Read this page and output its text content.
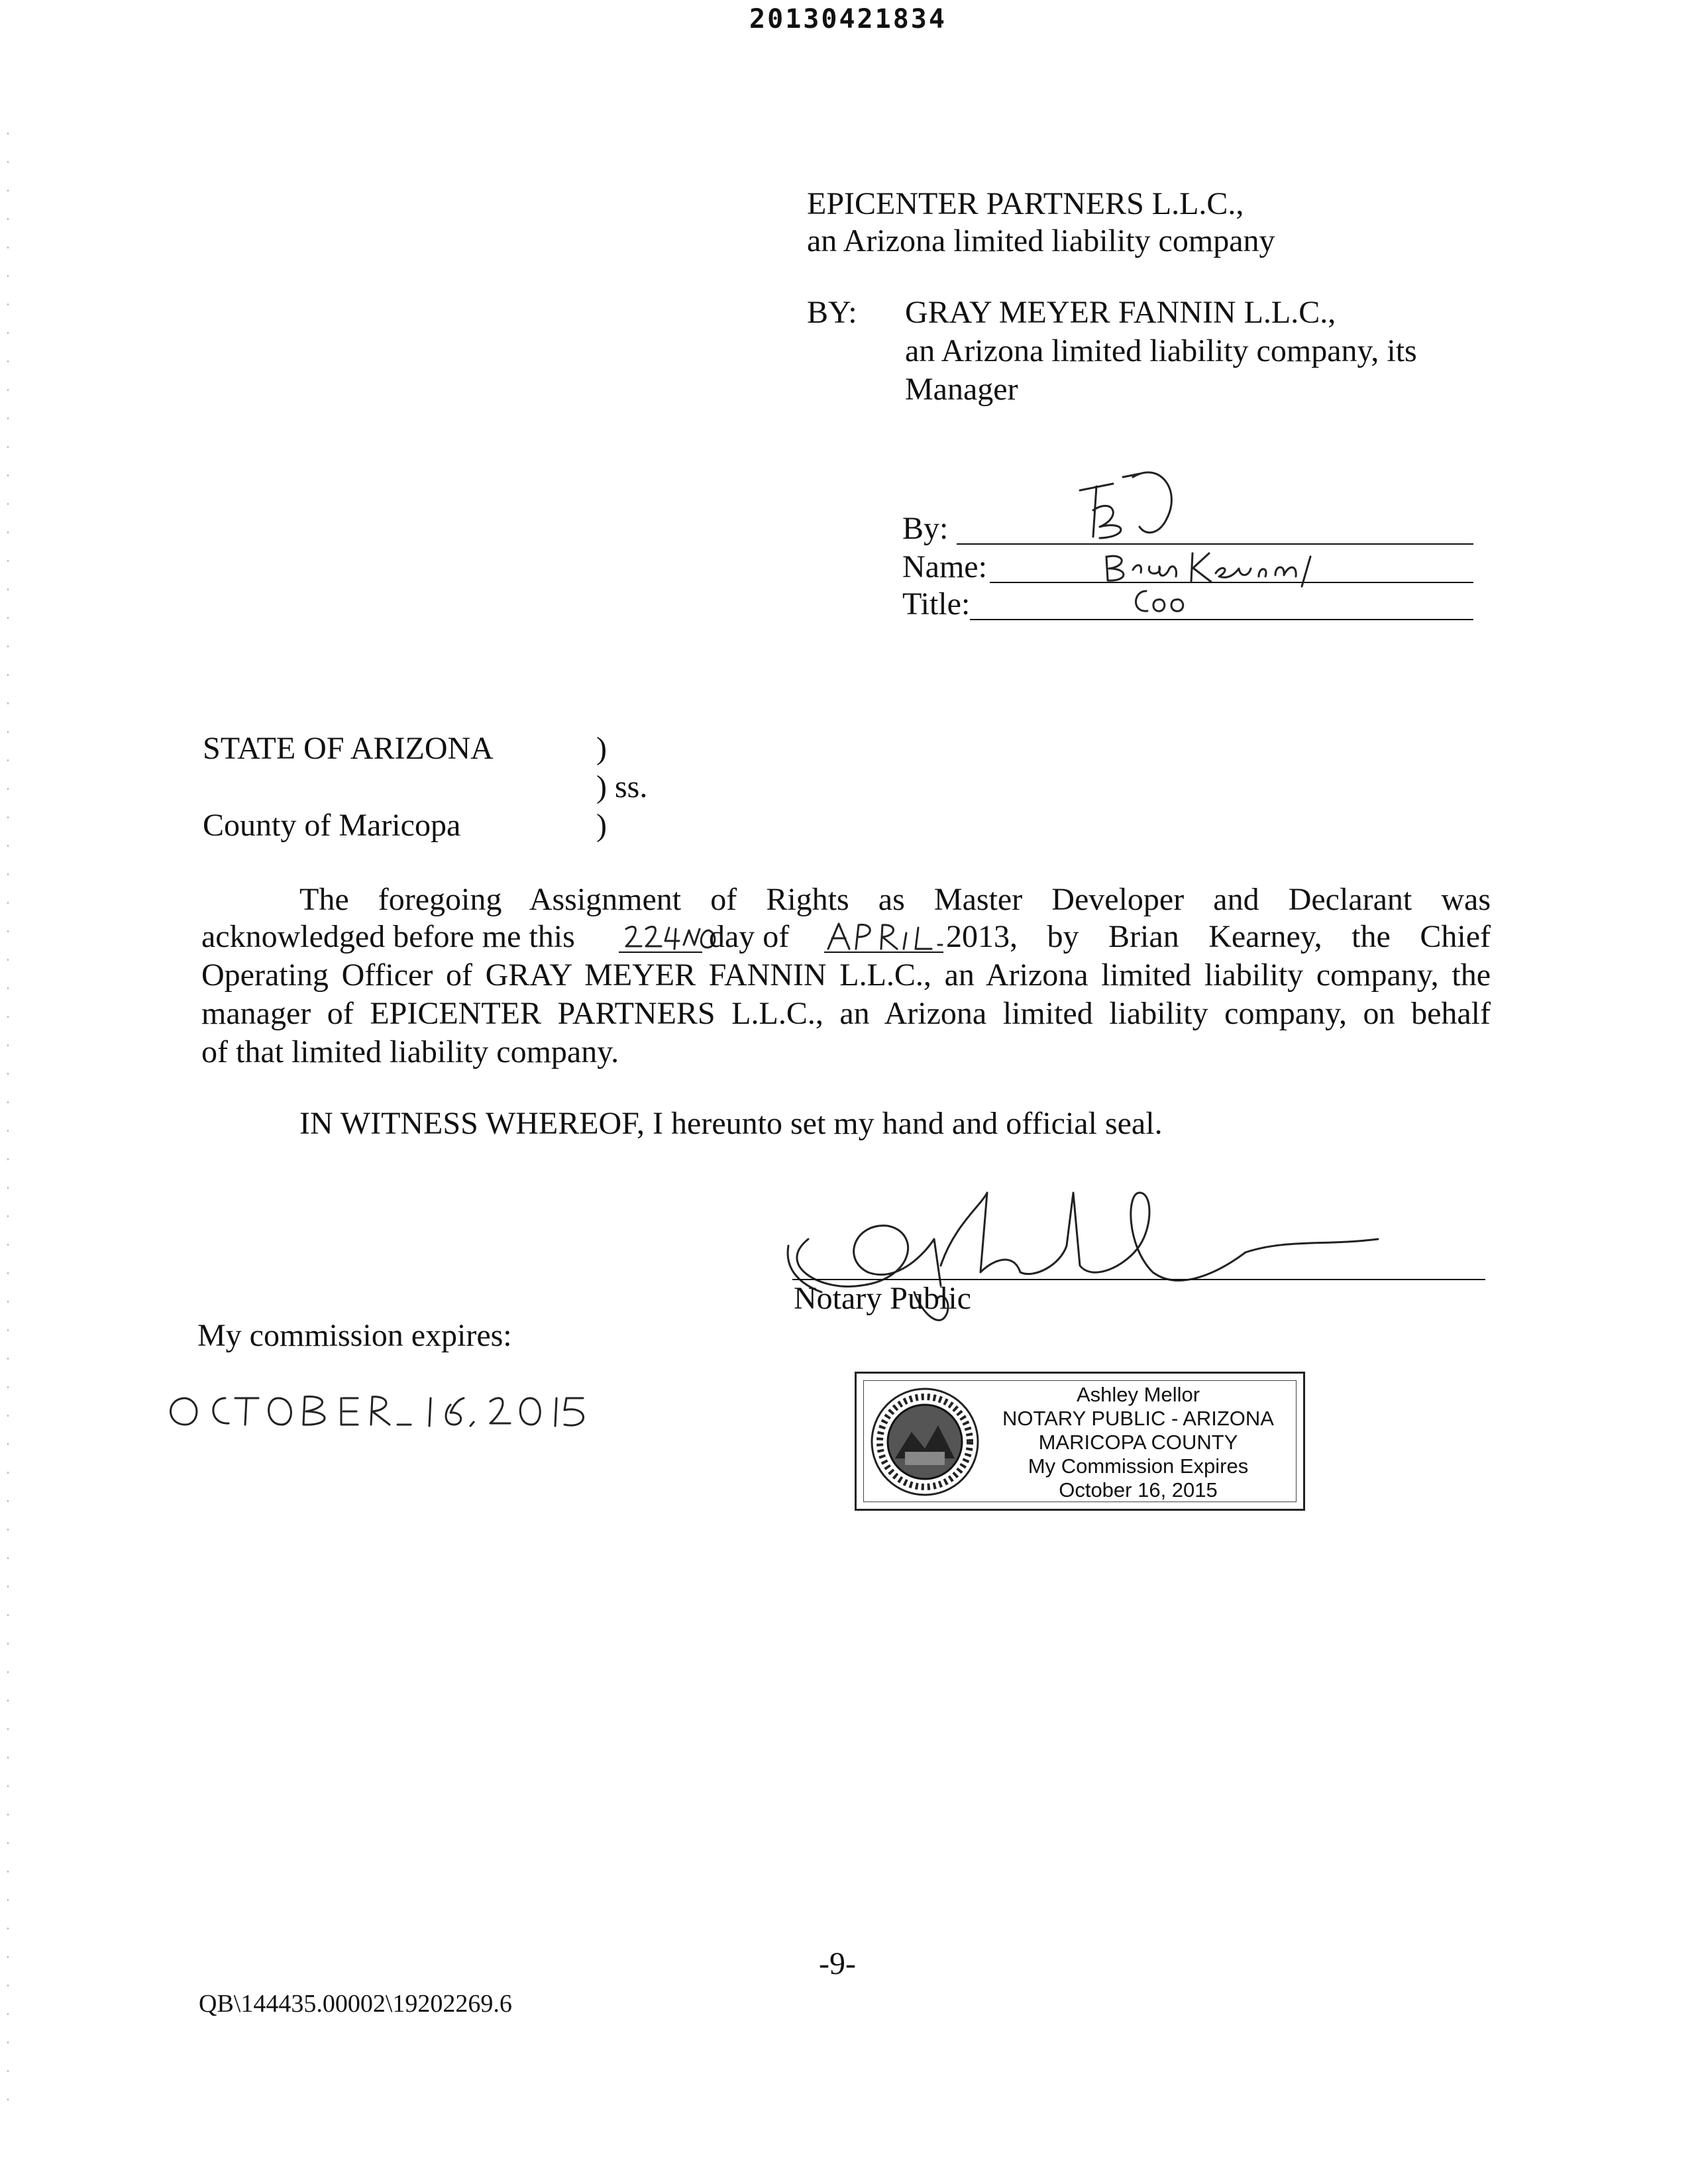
20130421834
EPICENTER PARTNERS L.L.C.,
an Arizona limited liability company
BY: GRAY MEYER FANNIN L.L.C.,
an Arizona limited liability company, its
Manager
By:
Name:
Title:
STATE OF ARIZONA	)
) ss.
County of Maricopa	)
The foregoing Assignment of Rights as Master Developer and Declarant was
acknowledged before me this	day of	2013, by Brian Kearney, the Chief
Operating Officer of GRAY MEYER FANNIN L.L.C., an Arizona limited liability company, the
manager of EPICENTER PARTNERS L.L.C., an Arizona limited liability company, on behalf
of that limited liability company.
IN WITNESS WHEREOF, I hereunto set my hand and official seal.
Notary Public
My commission expires:
Ashley Mellor
NOTARY PUBLIC - ARIZONA
MARICOPA COUNTY
My Commission Expires
October 16, 2015
-9-
QB\144435.00002\19202269.6
